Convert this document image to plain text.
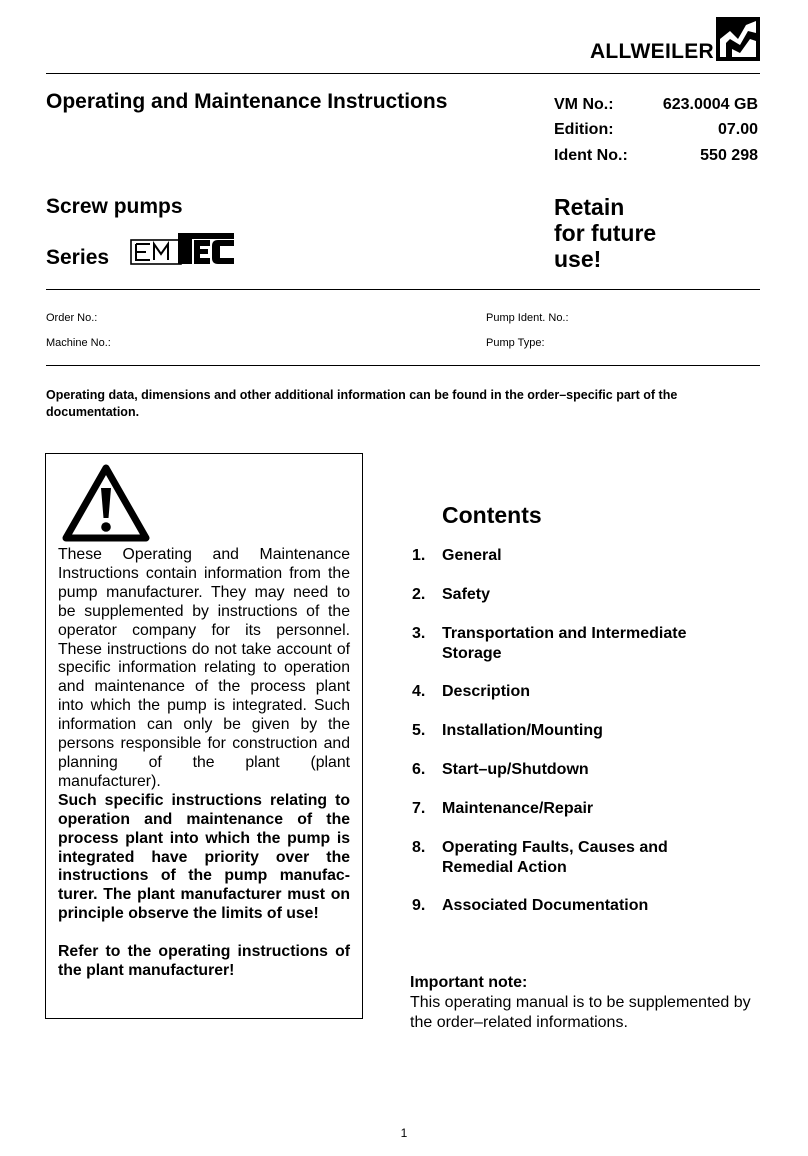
ALLWEILER
Operating and Maintenance Instructions	VM No.:	623.0004 GB
Edition:	07.00
Ident No.:	550 298
Screw pumps
Series
Retain
for future
use!
Order No.:	Pump Ident. No.:
Machine No.:	Pump Type:
Operating data, dimensions and other additional information can be found in the order–specific part of the documentation.

These Operating and Maintenance Instructions contain information from the pump manufacturer. They may need to be supplemented by instructions of the operator company for its personnel. These instructions do not take account of specific information relating to operation and maintenance of the process plant into which the pump is integrated. Such information can only be given by the persons responsible for construction and planning of the plant (plant manufacturer).

Such specific instructions relating to operation and maintenance of the process plant into which the pump is integrated have priority over the instructions of the pump manufacturer. The plant manufacturer must on principle observe the limits of use!

Refer to the operating instructions of the plant manufacturer!

Contents
1.	General
2.	Safety
3.	Transportation and Intermediate Storage
4.	Description
5.	Installation/Mounting
6.	Start–up/Shutdown
7.	Maintenance/Repair
8.	Operating Faults, Causes and Remedial Action
9.	Associated Documentation
Important note:
This operating manual is to be supplemented by the order–related informations.
1
